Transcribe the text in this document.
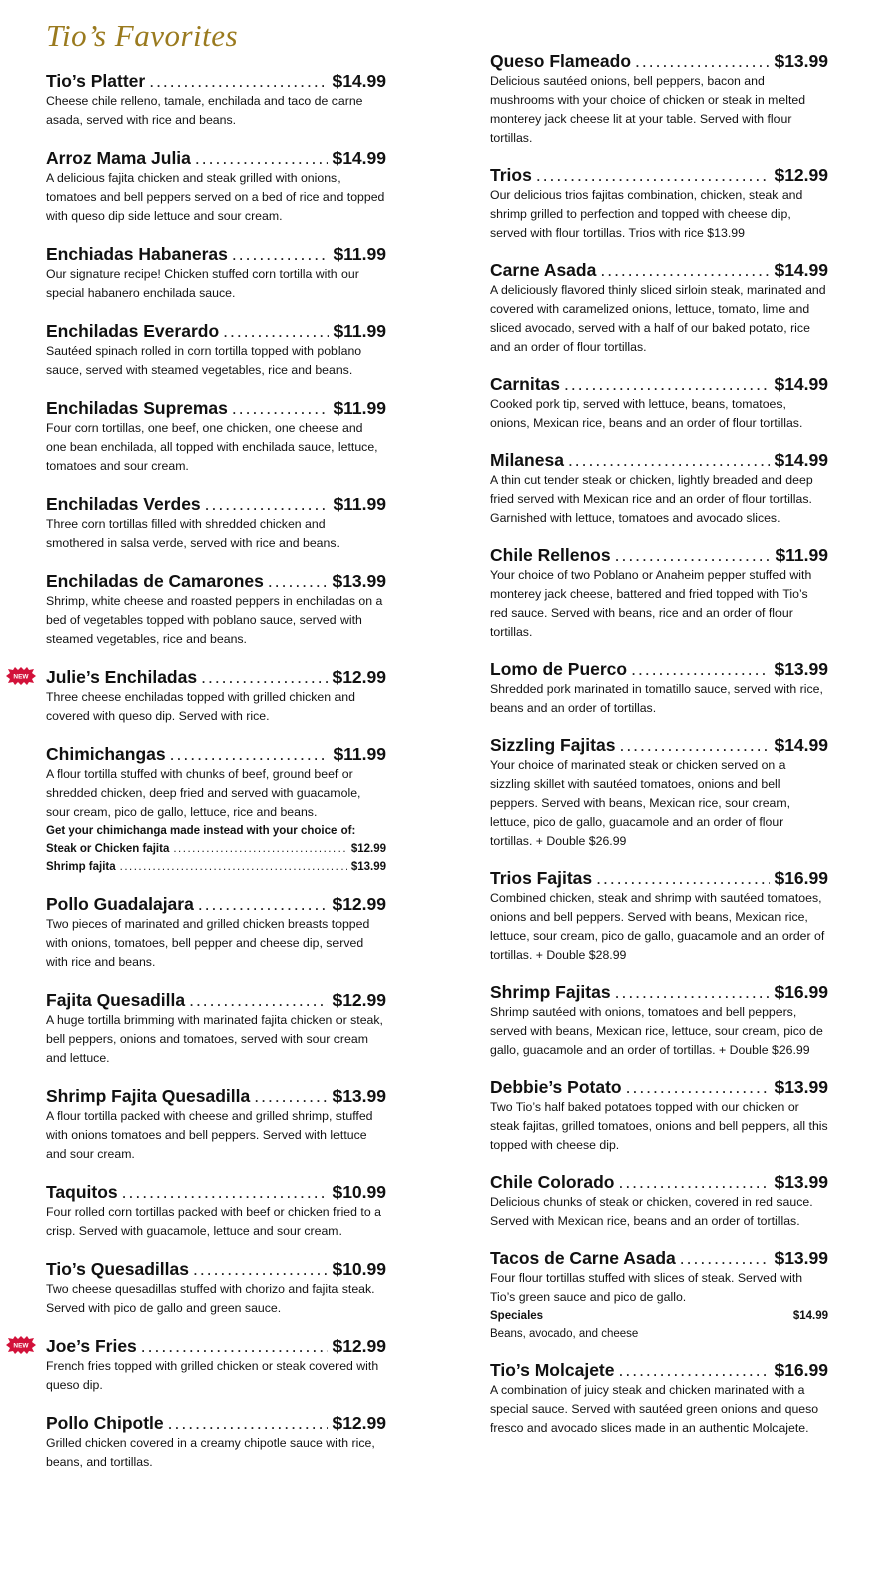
Tio’s Favorites
Tio’s Platter .....	$14.99
Cheese chile relleno, tamale, enchilada and taco de carne asada, served with rice and beans.
Arroz Mama Julia .....	$14.99
A delicious fajita chicken and steak grilled with onions, tomatoes and bell peppers served on a bed of rice and topped with queso dip side lettuce and sour cream.
Enchiadas Habaneras .....	$11.99
Our signature recipe! Chicken stuffed corn tortilla with our special habanero enchilada sauce.
Enchiladas Everardo .....	$11.99
Sautéed spinach rolled in corn tortilla topped with poblano sauce, served with steamed vegetables, rice and beans.
Enchiladas Supremas .....	$11.99
Four corn tortillas, one beef, one chicken, one cheese and one bean enchilada, all topped with enchilada sauce, lettuce, tomatoes and sour cream.
Enchiladas Verdes .....	$11.99
Three corn tortillas filled with shredded chicken and smothered in salsa verde, served with rice and beans.
Enchiladas de Camarones .....	$13.99
Shrimp, white cheese and roasted peppers in enchiladas on a bed of vegetables topped with poblano sauce, served with steamed vegetables, rice and beans.
NEW Julie’s Enchiladas .....	$12.99
Three cheese enchiladas topped with grilled chicken and covered with queso dip. Served with rice.
Chimichangas .....	$11.99
A flour tortilla stuffed with chunks of beef, ground beef or shredded chicken, deep fried and served with guacamole, sour cream, pico de gallo, lettuce, rice and beans.
Get your chimichanga made instead with your choice of:
Steak or Chicken fajita .....	$12.99
Shrimp fajita .....	$13.99
Pollo Guadalajara .....	$12.99
Two pieces of marinated and grilled chicken breasts topped with onions, tomatoes, bell pepper and cheese dip, served with rice and beans.
Fajita Quesadilla .....	$12.99
A huge tortilla brimming with marinated fajita chicken or steak, bell peppers, onions and tomatoes, served with sour cream and lettuce.
Shrimp Fajita Quesadilla .....	$13.99
A flour tortilla packed with cheese and grilled shrimp, stuffed with onions tomatoes and bell peppers. Served with lettuce and sour cream.
Taquitos .....	$10.99
Four rolled corn tortillas packed with beef or chicken fried to a crisp. Served with guacamole, lettuce and sour cream.
Tio’s Quesadillas .....	$10.99
Two cheese quesadillas stuffed with chorizo and fajita steak. Served with pico de gallo and green sauce.
NEW Joe’s Fries .....	$12.99
French fries topped with grilled chicken or steak covered with queso dip.
Pollo Chipotle .....	$12.99
Grilled chicken covered in a creamy chipotle sauce with rice, beans, and tortillas.
Queso Flameado .....	$13.99
Delicious sautéed onions, bell peppers, bacon and mushrooms with your choice of chicken or steak in melted monterey jack cheese lit at your table. Served with flour tortillas.
Trios .....	$12.99
Our delicious trios fajitas combination, chicken, steak and shrimp grilled to perfection and topped with cheese dip, served with flour tortillas. Trios with rice $13.99
Carne Asada .....	$14.99
A deliciously flavored thinly sliced sirloin steak, marinated and covered with caramelized onions, lettuce, tomato, lime and sliced avocado, served with a half of our baked potato, rice and an order of flour tortillas.
Carnitas .....	$14.99
Cooked pork tip, served with lettuce, beans, tomatoes, onions, Mexican rice, beans and an order of flour tortillas.
Milanesa .....	$14.99
A thin cut tender steak or chicken, lightly breaded and deep fried served with Mexican rice and an order of flour tortillas. Garnished with lettuce, tomatoes and avocado slices.
Chile Rellenos .....	$11.99
Your choice of two Poblano or Anaheim pepper stuffed with monterey jack cheese, battered and fried topped with Tio’s red sauce. Served with beans, rice and an order of flour tortillas.
Lomo de Puerco .....	$13.99
Shredded pork marinated in tomatillo sauce, served with rice, beans and an order of tortillas.
Sizzling Fajitas .....	$14.99
Your choice of marinated steak or chicken served on a sizzling skillet with sautéed tomatoes, onions and bell peppers. Served with beans, Mexican rice, sour cream, lettuce, pico de gallo, guacamole and an order of flour tortillas. + Double $26.99
Trios Fajitas .....	$16.99
Combined chicken, steak and shrimp with sautéed tomatoes, onions and bell peppers. Served with beans, Mexican rice, lettuce, sour cream, pico de gallo, guacamole and an order of tortillas. + Double $28.99
Shrimp Fajitas .....	$16.99
Shrimp sautéed with onions, tomatoes and bell peppers, served with beans, Mexican rice, lettuce, sour cream, pico de gallo, guacamole and an order of tortillas. + Double $26.99
Debbie’s Potato .....	$13.99
Two Tio’s half baked potatoes topped with our chicken or steak fajitas, grilled tomatoes, onions and bell peppers, all this topped with cheese dip.
Chile Colorado .....	$13.99
Delicious chunks of steak or chicken, covered in red sauce. Served with Mexican rice, beans and an order of tortillas.
Tacos de Carne Asada .....	$13.99
Four flour tortillas stuffed with slices of steak. Served with Tio’s green sauce and pico de gallo.
Speciales	$14.99
Beans, avocado, and cheese
Tio’s Molcajete .....	$16.99
A combination of juicy steak and chicken marinated with a special sauce. Served with sautéed green onions and queso fresco and avocado slices made in an authentic Molcajete.
